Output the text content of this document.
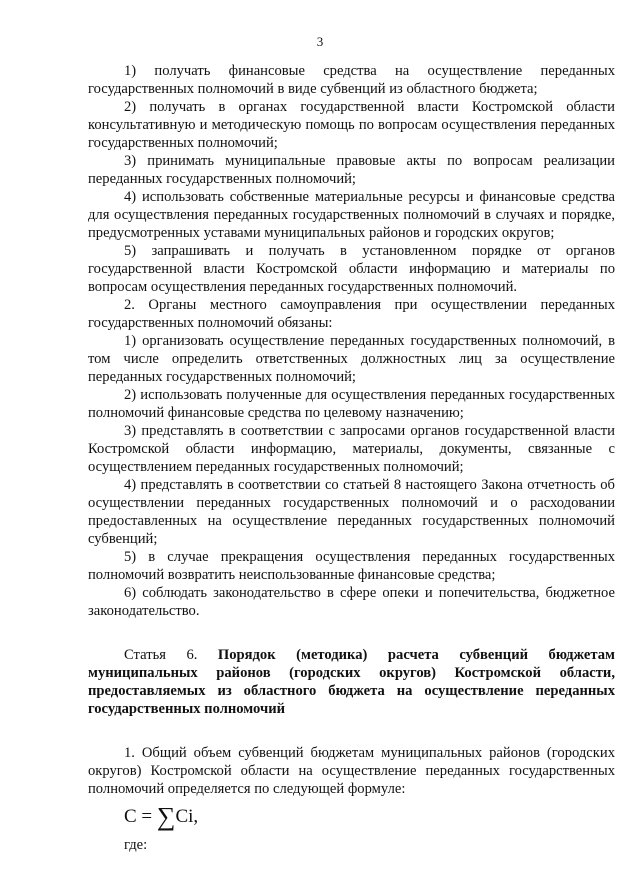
3

1) получать финансовые средства на осуществление переданных государственных полномочий в виде субвенций из областного бюджета;

2) получать в органах государственной власти Костромской области консультативную и методическую помощь по вопросам осуществления переданных государственных полномочий;

3) принимать муниципальные правовые акты по вопросам реализации переданных государственных полномочий;

4) использовать собственные материальные ресурсы и финансовые средства для осуществления переданных государственных полномочий в случаях и порядке, предусмотренных уставами муниципальных районов и городских округов;

5) запрашивать и получать в установленном порядке от органов государственной власти Костромской области информацию и материалы по вопросам осуществления переданных государственных полномочий.

2. Органы местного самоуправления при осуществлении переданных государственных полномочий обязаны:

1) организовать осуществление переданных государственных полномочий, в том числе определить ответственных должностных лиц за осуществление переданных государственных полномочий;

2) использовать полученные для осуществления переданных государственных полномочий финансовые средства по целевому назначению;

3) представлять в соответствии с запросами органов государственной власти Костромской области информацию, материалы, документы, связанные с осуществлением переданных государственных полномочий;

4) представлять в соответствии со статьей 8 настоящего Закона отчетность об осуществлении переданных государственных полномочий и о расходовании предоставленных на осуществление переданных государственных полномочий субвенций;

5) в случае прекращения осуществления переданных государственных полномочий возвратить неиспользованные финансовые средства;

6) соблюдать законодательство в сфере опеки и попечительства, бюджетное законодательство.

Статья 6. Порядок (методика) расчета субвенций бюджетам муниципальных районов (городских округов) Костромской области, предоставляемых из областного бюджета на осуществление переданных государственных полномочий

1. Общий объем субвенций бюджетам муниципальных районов (городских округов) Костромской области на осуществление переданных государственных полномочий определяется по следующей формуле:

С = ∑Сi,

где:
